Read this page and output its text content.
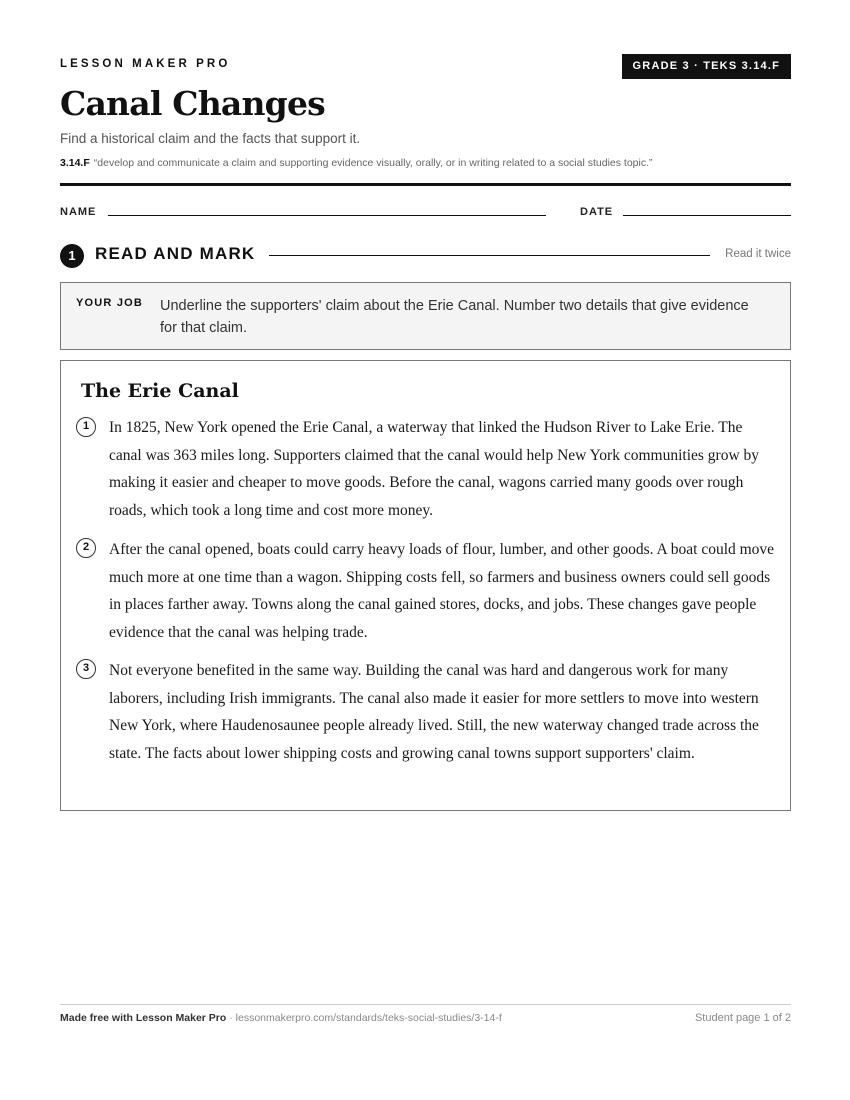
LESSON MAKER PRO	GRADE 3 · TEKS 3.14.F
Canal Changes
Find a historical claim and the facts that support it.
3.14.F “develop and communicate a claim and supporting evidence visually, orally, or in writing related to a social studies topic.”
NAME	DATE
1	READ AND MARK	Read it twice
YOUR JOB Underline the supporters' claim about the Erie Canal. Number two details that give evidence for that claim.
The Erie Canal
1	In 1825, New York opened the Erie Canal, a waterway that linked the Hudson River to Lake Erie. The canal was 363 miles long. Supporters claimed that the canal would help New York communities grow by making it easier and cheaper to move goods. Before the canal, wagons carried many goods over rough roads, which took a long time and cost more money.
2	After the canal opened, boats could carry heavy loads of flour, lumber, and other goods. A boat could move much more at one time than a wagon. Shipping costs fell, so farmers and business owners could sell goods in places farther away. Towns along the canal gained stores, docks, and jobs. These changes gave people evidence that the canal was helping trade.
3	Not everyone benefited in the same way. Building the canal was hard and dangerous work for many laborers, including Irish immigrants. The canal also made it easier for more settlers to move into western New York, where Haudenosaunee people already lived. Still, the new waterway changed trade across the state. The facts about lower shipping costs and growing canal towns support supporters' claim.
Made free with Lesson Maker Pro · lessonmakerpro.com/standards/teks-social-studies/3-14-f	Student page 1 of 2
